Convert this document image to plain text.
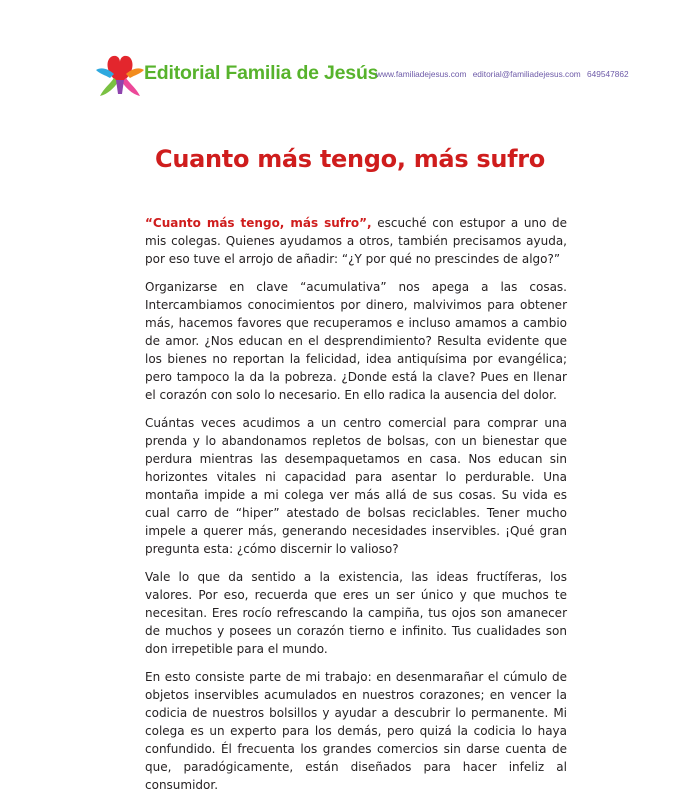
Editorial Familia de Jesús
www.familiadejesus.com editorial@familiadejesus.com 649547862
Cuanto más tengo, más sufro

“Cuanto más tengo, más sufro”, escuché con estupor a uno de mis colegas. Quienes ayudamos a otros, también precisamos ayuda, por eso tuve el arrojo de añadir: “¿Y por qué no prescindes de algo?”

Organizarse en clave “acumulativa” nos apega a las cosas. Intercambiamos conocimientos por dinero, malvivimos para obtener más, hacemos favores que recuperamos e incluso amamos a cambio de amor. ¿Nos educan en el desprendimiento? Resulta evidente que los bienes no reportan la felicidad, idea antiquísima por evangélica; pero tampoco la da la pobreza. ¿Donde está la clave? Pues en llenar el corazón con solo lo necesario. En ello radica la ausencia del dolor.

Cuántas veces acudimos a un centro comercial para comprar una prenda y lo abandonamos repletos de bolsas, con un bienestar que perdura mientras las desempaquetamos en casa. Nos educan sin horizontes vitales ni capacidad para asentar lo perdurable. Una montaña impide a mi colega ver más allá de sus cosas. Su vida es cual carro de “hiper” atestado de bolsas reciclables. Tener mucho impele a querer más, generando necesidades inservibles. ¡Qué gran pregunta esta: ¿cómo discernir lo valioso?

Vale lo que da sentido a la existencia, las ideas fructíferas, los valores. Por eso, recuerda que eres un ser único y que muchos te necesitan. Eres rocío refrescando la campiña, tus ojos son amanecer de muchos y posees un corazón tierno e infinito. Tus cualidades son don irrepetible para el mundo.

En esto consiste parte de mi trabajo: en desenmarañar el cúmulo de objetos inservibles acumulados en nuestros corazones; en vencer la codicia de nuestros bolsillos y ayudar a descubrir lo permanente. Mi colega es un experto para los demás, pero quizá la codicia lo haya confundido. Él frecuenta los grandes comercios sin darse cuenta de que, paradógicamente, están diseñados para hacer infeliz al consumidor.
